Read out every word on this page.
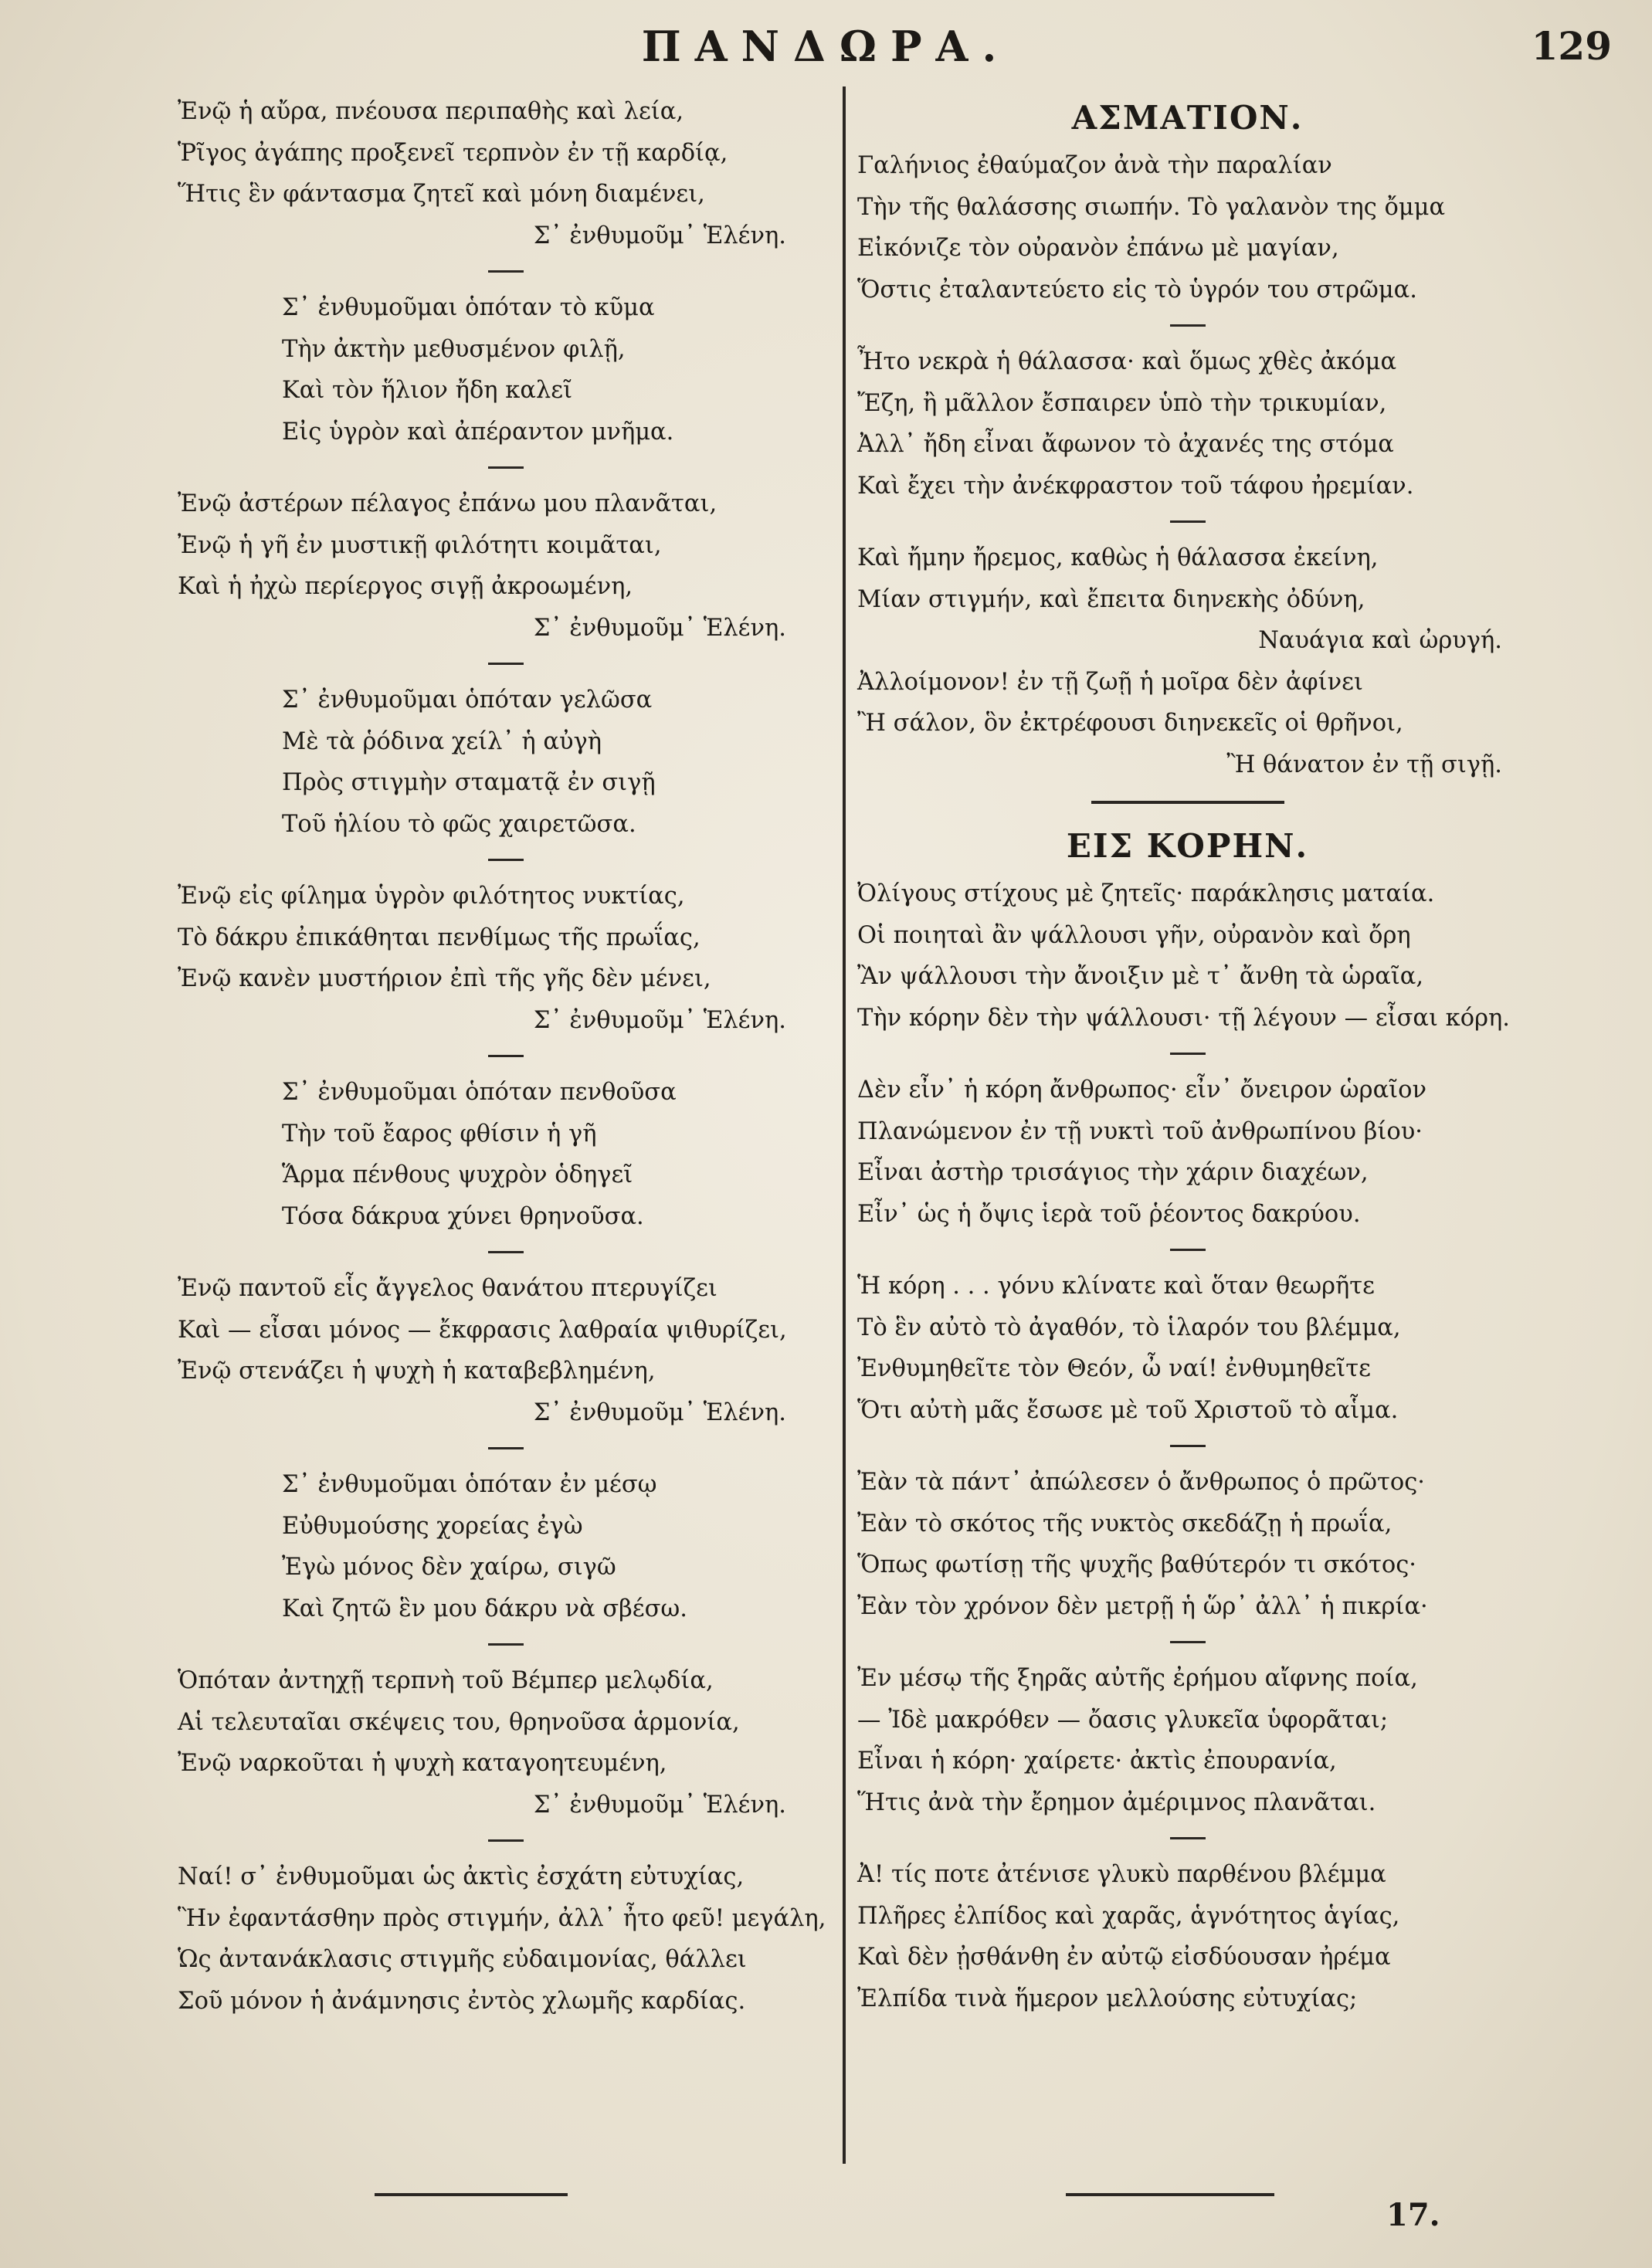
ΠΑΝΔΩΡΑ.	129
Ἐνῷ ἡ αὔρα, πνέουσα περιπαθὴς καὶ λεία,
Ῥῖγος ἀγάπης προξενεῖ τερπνὸν ἐν τῇ καρδίᾳ,
Ἥτις ἓν φάντασμα ζητεῖ καὶ μόνη διαμένει,
Σ᾽ ἐνθυμοῦμ᾽ Ἑλένη.
Σ᾽ ἐνθυμοῦμαι ὁπόταν τὸ κῦμα
Τὴν ἀκτὴν μεθυσμένον φιλῇ,
Καὶ τὸν ἥλιον ἤδη καλεῖ
Εἰς ὑγρὸν καὶ ἀπέραντον μνῆμα.
Ἐνῷ ἀστέρων πέλαγος ἐπάνω μου πλανᾶται,
Ἐνῷ ἡ γῆ ἐν μυστικῇ φιλότητι κοιμᾶται,
Καὶ ἡ ἠχὼ περίεργος σιγῇ ἀκροωμένη,
Σ᾽ ἐνθυμοῦμ᾽ Ἑλένη.
Σ᾽ ἐνθυμοῦμαι ὁπόταν γελῶσα
Μὲ τὰ ῥόδινα χείλ᾽ ἡ αὐγὴ
Πρὸς στιγμὴν σταματᾷ ἐν σιγῇ
Τοῦ ἡλίου τὸ φῶς χαιρετῶσα.
Ἐνῷ εἰς φίλημα ὑγρὸν φιλότητος νυκτίας,
Τὸ δάκρυ ἐπικάθηται πενθίμως τῆς πρωΐας,
Ἐνῷ κανὲν μυστήριον ἐπὶ τῆς γῆς δὲν μένει,
Σ᾽ ἐνθυμοῦμ᾽ Ἑλένη.
Σ᾽ ἐνθυμοῦμαι ὁπόταν πενθοῦσα
Τὴν τοῦ ἔαρος φθίσιν ἡ γῆ
Ἅρμα πένθους ψυχρὸν ὁδηγεῖ
Τόσα δάκρυα χύνει θρηνοῦσα.
Ἐνῷ παντοῦ εἷς ἄγγελος θανάτου πτερυγίζει
Καὶ — εἶσαι μόνος — ἔκφρασις λαθραία ψιθυρίζει,
Ἐνῷ στενάζει ἡ ψυχὴ ἡ καταβεβλημένη,
Σ᾽ ἐνθυμοῦμ᾽ Ἑλένη.
Σ᾽ ἐνθυμοῦμαι ὁπόταν ἐν μέσῳ
Εὐθυμούσης χορείας ἐγὼ
Ἐγὼ μόνος δὲν χαίρω, σιγῶ
Καὶ ζητῶ ἓν μου δάκρυ νὰ σβέσω.
Ὁπόταν ἀντηχῇ τερπνὴ τοῦ Βέμπερ μελῳδία,
Αἱ τελευταῖαι σκέψεις του, θρηνοῦσα ἁρμονία,
Ἐνῷ ναρκοῦται ἡ ψυχὴ καταγοητευμένη,
Σ᾽ ἐνθυμοῦμ᾽ Ἑλένη.
Ναί! σ᾽ ἐνθυμοῦμαι ὡς ἀκτὶς ἐσχάτη εὐτυχίας,
Ἣν ἐφαντάσθην πρὸς στιγμήν, ἀλλ᾽ ἦτο φεῦ! μεγάλη,
Ὡς ἀντανάκλασις στιγμῆς εὐδαιμονίας, θάλλει
Σοῦ μόνον ἡ ἀνάμνησις ἐντὸς χλωμῆς καρδίας.
ΑΣΜΑΤΙΟΝ.
Γαλήνιος ἐθαύμαζον ἀνὰ τὴν παραλίαν
Τὴν τῆς θαλάσσης σιωπήν. Τὸ γαλανὸν της ὄμμα
Εἰκόνιζε τὸν οὐρανὸν ἐπάνω μὲ μαγίαν,
Ὅστις ἐταλαντεύετο εἰς τὸ ὑγρόν του στρῶμα.
Ἦτο νεκρὰ ἡ θάλασσα· καὶ ὅμως χθὲς ἀκόμα
Ἔζη, ἢ μᾶλλον ἔσπαιρεν ὑπὸ τὴν τρικυμίαν,
Ἀλλ᾽ ἤδη εἶναι ἄφωνον τὸ ἀχανές της στόμα
Καὶ ἔχει τὴν ἀνέκφραστον τοῦ τάφου ἠρεμίαν.
Καὶ ἤμην ἤρεμος, καθὼς ἡ θάλασσα ἐκείνη,
Μίαν στιγμήν, καὶ ἔπειτα διηνεκὴς ὀδύνη,
Ναυάγια καὶ ὠρυγή.
Ἀλλοίμονον! ἐν τῇ ζωῇ ἡ μοῖρα δὲν ἀφίνει
Ἢ σάλον, ὃν ἐκτρέφουσι διηνεκεῖς οἱ θρῆνοι,
Ἢ θάνατον ἐν τῇ σιγῇ.
ΕΙΣ ΚΟΡΗΝ.
Ὀλίγους στίχους μὲ ζητεῖς· παράκλησις ματαία.
Οἱ ποιηταὶ ἂν ψάλλουσι γῆν, οὐρανὸν καὶ ὄρη
Ἂν ψάλλουσι τὴν ἄνοιξιν μὲ τ᾽ ἄνθη τὰ ὡραῖα,
Τὴν κόρην δὲν τὴν ψάλλουσι· τῇ λέγουν — εἶσαι κόρη.
Δὲν εἶν᾽ ἡ κόρη ἄνθρωπος· εἶν᾽ ὄνειρον ὡραῖον
Πλανώμενον ἐν τῇ νυκτὶ τοῦ ἀνθρωπίνου βίου·
Εἶναι ἀστὴρ τρισάγιος τὴν χάριν διαχέων,
Εἶν᾽ ὡς ἡ ὄψις ἱερὰ τοῦ ῥέοντος δακρύου.
Ἡ κόρη . . . γόνυ κλίνατε καὶ ὅταν θεωρῆτε
Τὸ ἓν αὐτὸ τὸ ἀγαθόν, τὸ ἱλαρόν του βλέμμα,
Ἐνθυμηθεῖτε τὸν Θεόν, ὦ ναί! ἐνθυμηθεῖτε
Ὅτι αὐτὴ μᾶς ἔσωσε μὲ τοῦ Χριστοῦ τὸ αἷμα.
Ἐὰν τὰ πάντ᾽ ἀπώλεσεν ὁ ἄνθρωπος ὁ πρῶτος·
Ἐὰν τὸ σκότος τῆς νυκτὸς σκεδάζῃ ἡ πρωΐα,
Ὅπως φωτίσῃ τῆς ψυχῆς βαθύτερόν τι σκότος·
Ἐὰν τὸν χρόνον δὲν μετρῇ ἡ ὥρ᾽ ἀλλ᾽ ἡ πικρία·
Ἐν μέσῳ τῆς ξηρᾶς αὐτῆς ἐρήμου αἴφνης ποία,
— Ἰδὲ μακρόθεν — ὄασις γλυκεῖα ὑφορᾶται;
Εἶναι ἡ κόρη· χαίρετε· ἀκτὶς ἐπουρανία,
Ἥτις ἀνὰ τὴν ἔρημον ἀμέριμνος πλανᾶται.
Ἀ! τίς ποτε ἀτένισε γλυκὺ παρθένου βλέμμα
Πλῆρες ἐλπίδος καὶ χαρᾶς, ἁγνότητος ἁγίας,
Καὶ δὲν ᾐσθάνθη ἐν αὐτῷ εἰσδύουσαν ἠρέμα
Ἐλπίδα τινὰ ἥμερον μελλούσης εὐτυχίας;
17.
